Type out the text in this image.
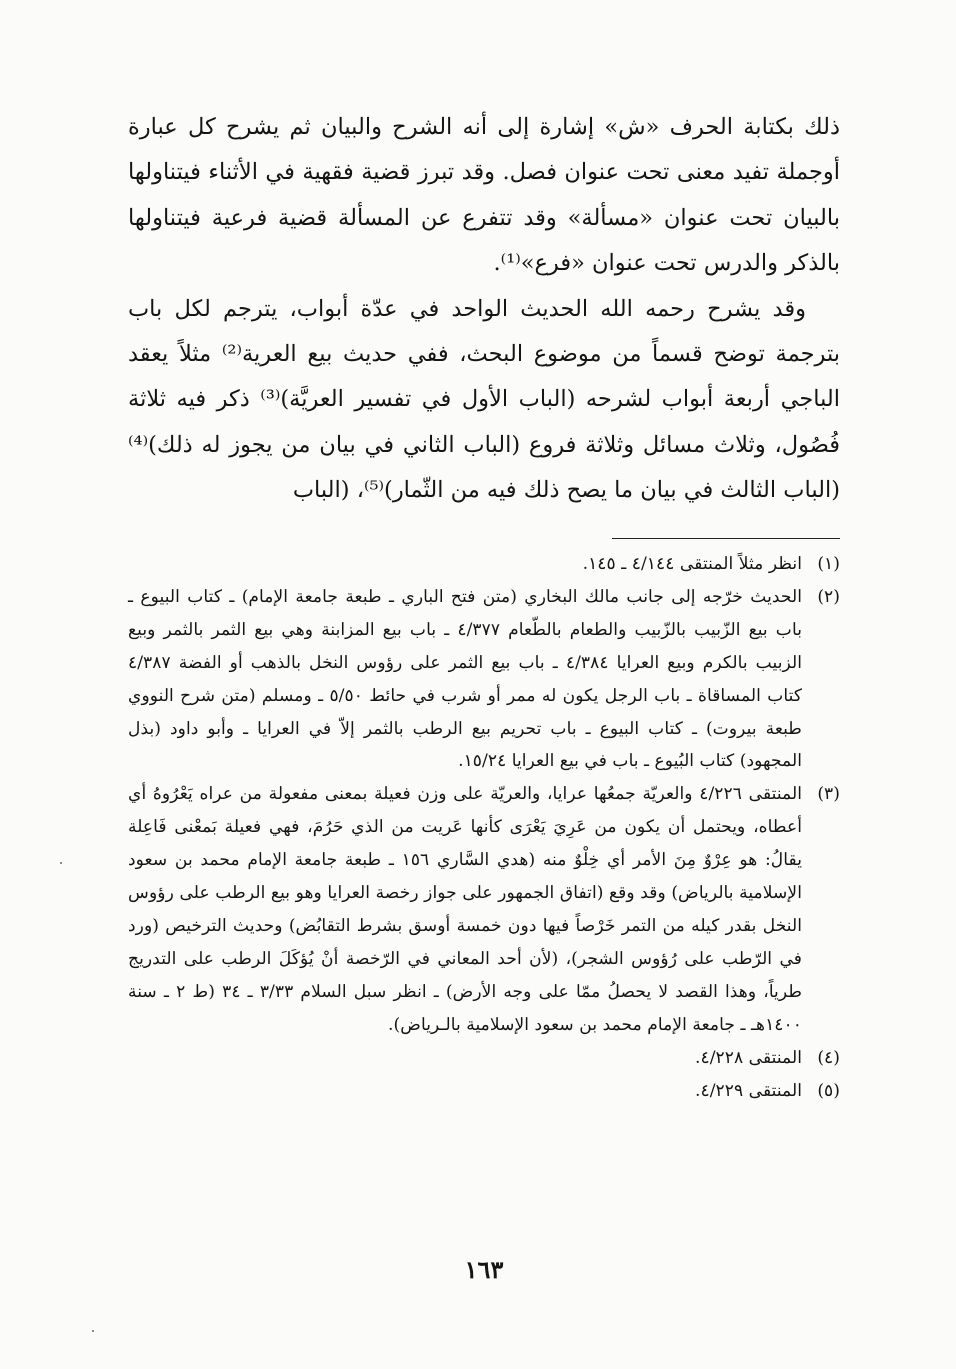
ذلك بكتابة الحرف «ش» إشارة إلى أنه الشرح والبيان ثم يشرح كل عبارة أوجملة تفيد معنى تحت عنوان فصل. وقد تبرز قضية فقهية في الأثناء فيتناولها بالبيان تحت عنوان «مسألة» وقد تتفرع عن المسألة قضية فرعية فيتناولها بالذكر والدرس تحت عنوان «فرع»⁽¹⁾.

وقد يشرح رحمه الله الحديث الواحد في عدّة أبواب، يترجم لكل باب بترجمة توضح قسماً من موضوع البحث، ففي حديث بيع العرية⁽²⁾ مثلاً يعقد الباجي أربعة أبواب لشرحه (الباب الأول في تفسير العريَّة)⁽³⁾ ذكر فيه ثلاثة فُصُول، وثلاث مسائل وثلاثة فروع (الباب الثاني في بيان من يجوز له ذلك)⁽⁴⁾ (الباب الثالث في بيان ما يصح ذلك فيه من الثّمار)⁽⁵⁾، (الباب

(١)
انظر مثلاً المنتقى ٤/١٤٤ ـ ١٤٥.
(٢)
الحديث خرّجه إلى جانب مالك البخاري (متن فتح الباري ـ طبعة جامعة الإمام) ـ كتاب البيوع ـ باب بيع الزّبيب بالزّبيب والطعام بالطّعام ٤/٣٧٧ ـ باب بيع المزابنة وهي بيع الثمر بالثمر وبيع الزبيب بالكرم وبيع العرايا ٤/٣٨٤ ـ باب بيع الثمر على رؤوس النخل بالذهب أو الفضة ٤/٣٨٧ كتاب المساقاة ـ باب الرجل يكون له ممر أو شرب في حائط ٥/٥٠ ـ ومسلم (متن شرح النووي طبعة بيروت) ـ كتاب البيوع ـ باب تحريم بيع الرطب بالثمر إلاّ في العرايا ـ وأبو داود (بذل المجهود) كتاب البُيوع ـ باب في بيع العرايا ١٥/٢٤.
(٣)
المنتقى ٤/٢٢٦ والعريّة جمعُها عرايا، والعريّة على وزن فعيلة بمعنى مفعولة من عراه يَعْرُوهُ أي أعطاه، ويحتمل أن يكون من عَرِيَ يَعْرَى كأنها عَريت من الذي حَرُمَ، فهي فعيلة بَمعْنى فَاعِلة يقالُ: هو عِرْوٌ مِنَ الأمر أي خِلْوٌ منه (هدي السَّاري ١٥٦ ـ طبعة جامعة الإمام محمد بن سعود الإسلامية بالرياض) وقد وقع (اتفاق الجمهور على جواز رخصة العرايا وهو بيع الرطب على رؤوس النخل بقدر كيله من التمر خَرْصاً فيها دون خمسة أوسق بشرط التقابُض) وحديث الترخيص (ورد في الرّطب على رُؤوس الشجر)، (لأن أحد المعاني في الرّخصة أنْ يُؤكَلَ الرطب على التدريج طرياً، وهذا القصد لا يحصلُ ممّا على وجه الأرض) ـ انظر سبل السلام ٣/٣٣ ـ ٣٤ (ط ٢ ـ سنة ١٤٠٠هـ ـ جامعة الإمام محمد بن سعود الإسلامية بالـرياض).
(٤)
المنتقى ٤/٢٢٨.
(٥)
المنتقى ٤/٢٢٩.
١٦٣
